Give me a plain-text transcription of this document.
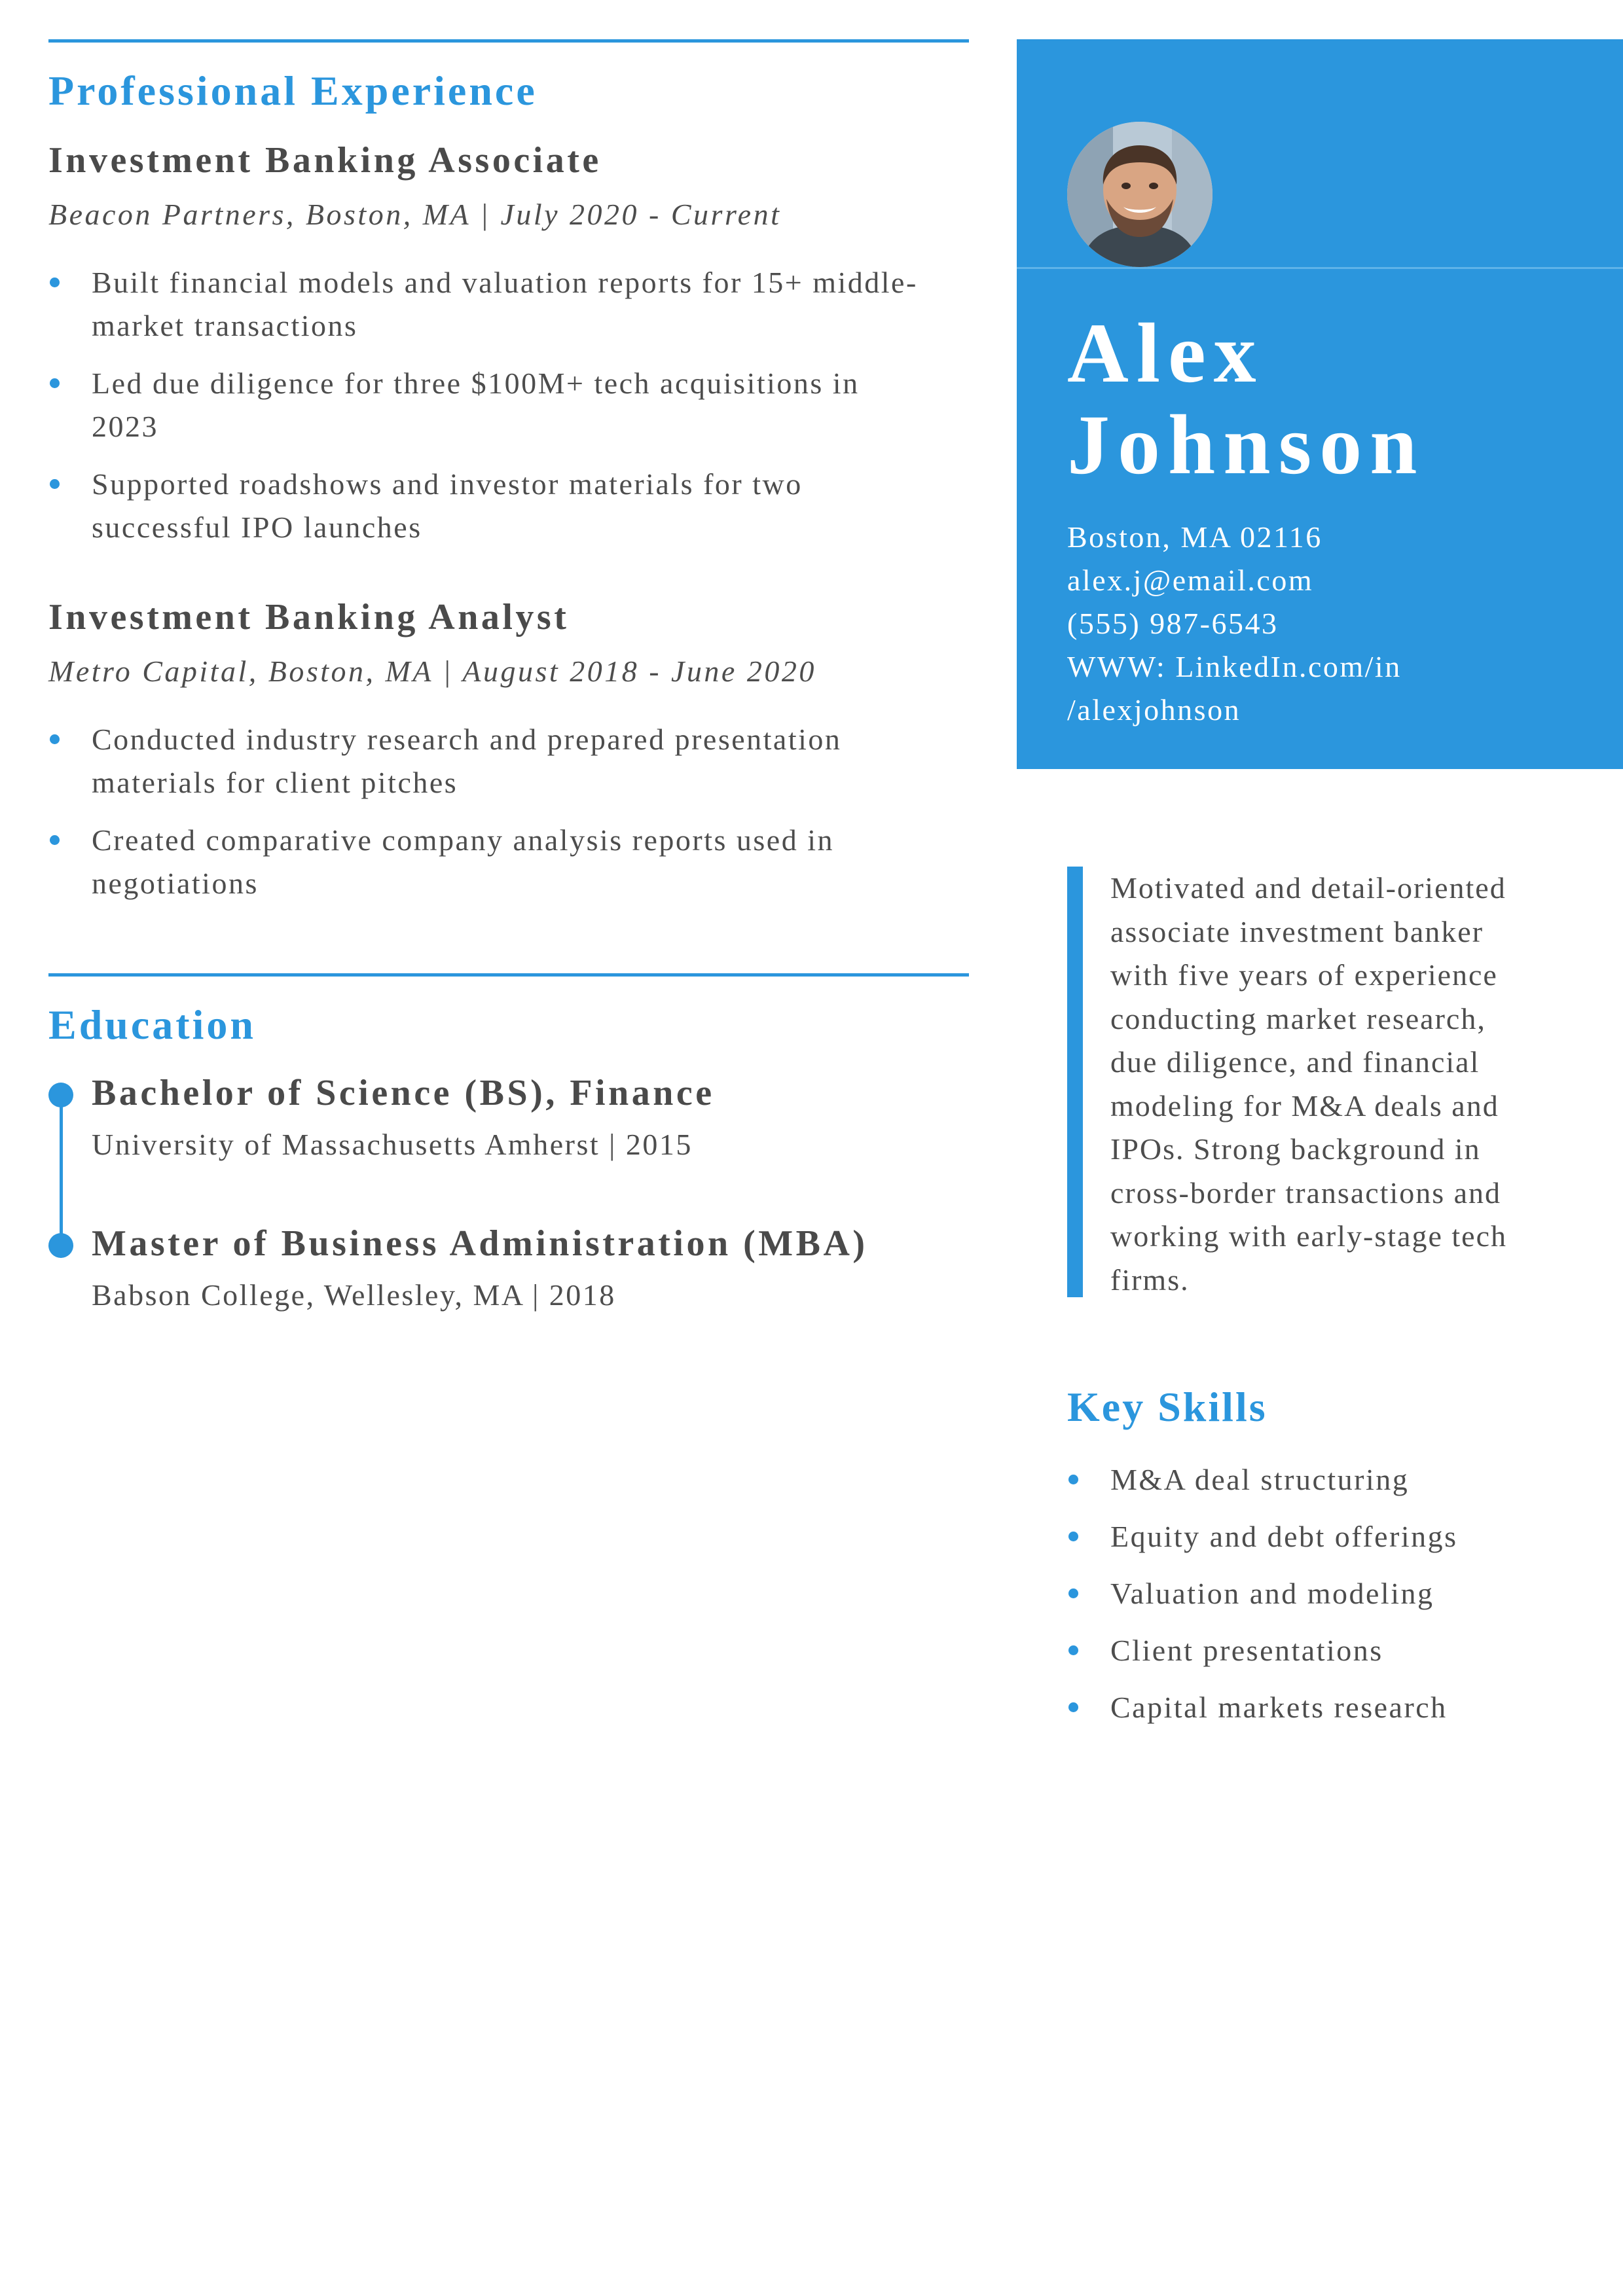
Professional Experience
Investment Banking Associate
Beacon Partners, Boston, MA | July 2020 - Current
Built financial models and valuation reports for 15+ middle-
market transactions
Led due diligence for three $100M+ tech acquisitions in
2023
Supported roadshows and investor materials for two
successful IPO launches
Investment Banking Analyst
Metro Capital, Boston, MA | August 2018 - June 2020
Conducted industry research and prepared presentation
materials for client pitches
Created comparative company analysis reports used in
negotiations
Education
Bachelor of Science (BS), Finance
University of Massachusetts Amherst | 2015
Master of Business Administration (MBA)
Babson College, Wellesley, MA | 2018
Alex
Johnson
Boston, MA 02116
alex.j@email.com
(555) 987-6543
WWW: LinkedIn.com/in
/alexjohnson
Motivated and detail-oriented
associate investment banker
with five years of experience
conducting market research,
due diligence, and financial
modeling for M&A deals and
IPOs. Strong background in
cross-border transactions and
working with early-stage tech
firms.
Key Skills
M&A deal structuring
Equity and debt offerings
Valuation and modeling
Client presentations
Capital markets research
